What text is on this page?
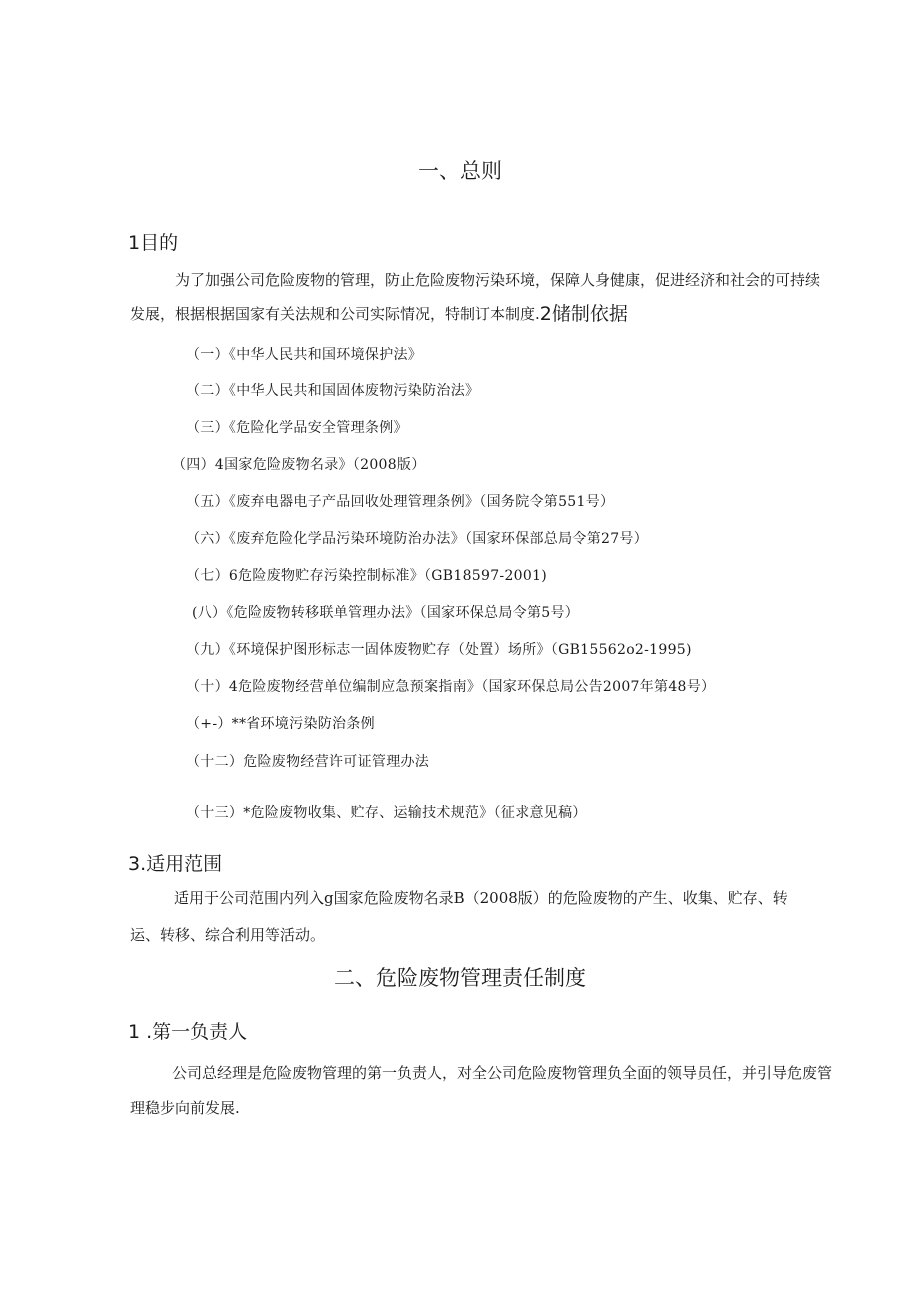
一、总则
1目的
为了加强公司危险废物的管理，防止危险废物污染环境，保障人身健康，促进经济和社会的可持续
发展，根据根据国家有关法规和公司实际情况，特制订本制度.2储制依据
（一）《中华人民共和国环境保护法》
（二）《中华人民共和国固体废物污染防治法》
（三）《危险化学品安全管理条例》
（四）4国家危险废物名录》（2008版）
（五）《废弃电器电子产品回收处理管理条例》（国务院令第551号）
（六）《废弃危险化学品污染环境防治办法》（国家环保部总局令第27号）
（七）6危险废物贮存污染控制标准》（GB18597-2001)
(八）《危险废物转移联单管理办法》（国家环保总局令第5号）
（九）《环境保护图形标志一固体废物贮存（处置）场所》（GB15562o2-1995)
（十）4危险废物经营单位编制应急预案指南》（国家环保总局公告2007年第48号）
（+-）**省环境污染防治条例
（十二）危险废物经营许可证管理办法
（十三）*危险废物收集、贮存、运输技术规范》（征求意见稿）
3.适用范围
适用于公司范围内列入g国家危险废物名录B（2008版）的危险废物的产生、收集、贮存、转
运、转移、综合利用等活动。
二、危险废物管理责任制度
1 .第一负责人
公司总经理是危险废物管理的第一负责人，对全公司危险废物管理负全面的领导员任，并引导危废管
理稳步向前发展.
